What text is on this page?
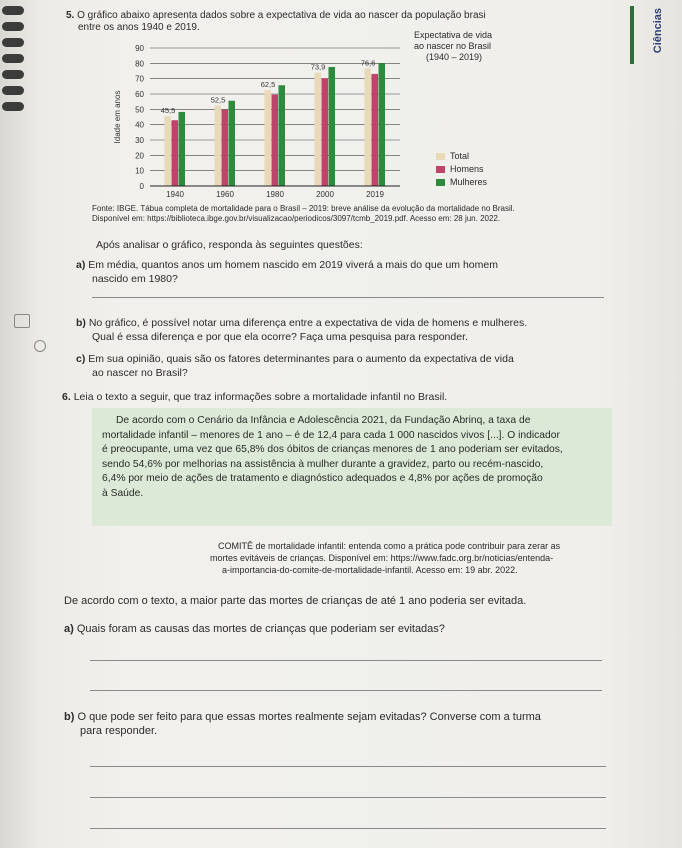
Ciências
5. O gráfico abaixo apresenta dados sobre a expectativa de vida ao nascer da população brasi
entre os anos 1940 e 2019.
Expectativa de vida
ao nascer no Brasil
(1940 – 2019)
Idade em anos
0
10
20
30
40
50
60
70
80
90
45,5
1940
52,5
1960
62,5
1980
73,9
2000
76,6
2019
Total
Homens
Mulheres
Fonte: IBGE. Tábua completa de mortalidade para o Brasil – 2019: breve análise da evolução da mortalidade no Brasil.
Disponível em: https://biblioteca.ibge.gov.br/visualizacao/periodicos/3097/tcmb_2019.pdf. Acesso em: 28 jun. 2022.
Após analisar o gráfico, responda às seguintes questões:
a) Em média, quantos anos um homem nascido em 2019 viverá a mais do que um homem
nascido em 1980?
b) No gráfico, é possível notar uma diferença entre a expectativa de vida de homens e mulheres.
Qual é essa diferença e por que ela ocorre? Faça uma pesquisa para responder.
c) Em sua opinião, quais são os fatores determinantes para o aumento da expectativa de vida
ao nascer no Brasil?
6. Leia o texto a seguir, que traz informações sobre a mortalidade infantil no Brasil.

De acordo com o Cenário da Infância e Adolescência 2021, da Fundação Abrinq, a taxa de
mortalidade infantil – menores de 1 ano – é de 12,4 para cada 1 000 nascidos vivos [...]. O indicador
é preocupante, uma vez que 65,8% dos óbitos de crianças menores de 1 ano poderiam ser evitados,
sendo 54,6% por melhorias na assistência à mulher durante a gravidez, parto ou recém-nascido,
6,4% por meio de ações de tratamento e diagnóstico adequados e 4,8% por ações de promoção
à Saúde.

COMITÊ de mortalidade infantil: entenda como a prática pode contribuir para zerar as
mortes evitáveis de crianças. Disponível em: https://www.fadc.org.br/noticias/entenda-
a-importancia-do-comite-de-mortalidade-infantil. Acesso em: 19 abr. 2022.
De acordo com o texto, a maior parte das mortes de crianças de até 1 ano poderia ser evitada.
a) Quais foram as causas das mortes de crianças que poderiam ser evitadas?
b) O que pode ser feito para que essas mortes realmente sejam evitadas? Converse com a turma
para responder.
